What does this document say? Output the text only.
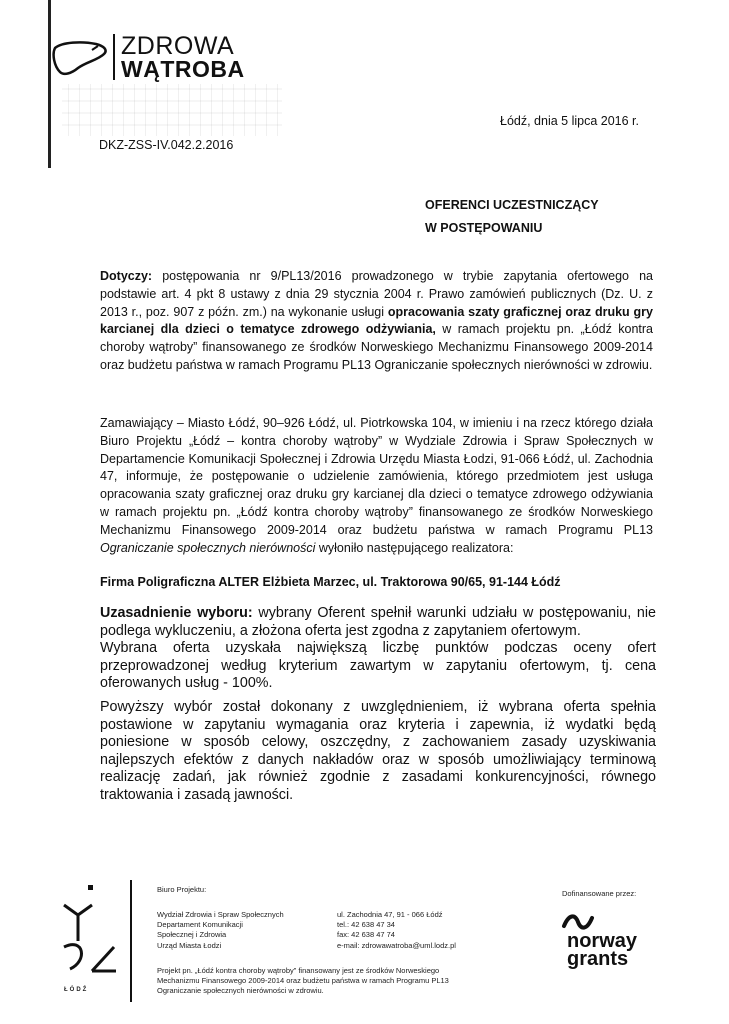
ZDROWA
WĄTROBA
DKZ-ZSS-IV.042.2.2016
Łódź, dnia 5 lipca 2016 r.
OFERENCI UCZESTNICZĄCY
W POSTĘPOWANIU

Dotyczy: postępowania nr 9/PL13/2016 prowadzonego w trybie zapytania ofertowego na podstawie art. 4 pkt 8 ustawy z dnia 29 stycznia 2004 r. Prawo zamówień publicznych (Dz. U. z 2013 r., poz. 907 z późn. zm.) na wykonanie usługi opracowania szaty graficznej oraz druku gry karcianej dla dzieci o tematyce zdrowego odżywiania, w ramach projektu pn. „Łódź kontra choroby wątroby” finansowanego ze środków Norweskiego Mechanizmu Finansowego 2009-2014 oraz budżetu państwa w ramach Programu PL13 Ograniczanie społecznych nierówności w zdrowiu.

Zamawiający – Miasto Łódź, 90–926 Łódź, ul. Piotrkowska 104, w imieniu i na rzecz którego działa Biuro Projektu „Łódź – kontra choroby wątroby” w Wydziale Zdrowia i Spraw Społecznych w Departamencie Komunikacji Społecznej i Zdrowia Urzędu Miasta Łodzi, 91-066 Łódź, ul. Zachodnia 47, informuje, że postępowanie o udzielenie zamówienia, którego przedmiotem jest usługa opracowania szaty graficznej oraz druku gry karcianej dla dzieci o tematyce zdrowego odżywiania w ramach projektu pn. „Łódź kontra choroby wątroby” finansowanego ze środków Norweskiego Mechanizmu Finansowego 2009-2014 oraz budżetu państwa w ramach Programu PL13 Ograniczanie społecznych nierówności wyłoniło następującego realizatora:

Firma Poligraficzna ALTER Elżbieta Marzec, ul. Traktorowa 90/65, 91-144 Łódź

Uzasadnienie wyboru: wybrany Oferent spełnił warunki udziału w postępowaniu, nie podlega wykluczeniu, a złożona oferta jest zgodna z zapytaniem ofertowym.

Wybrana oferta uzyskała największą liczbę punktów podczas oceny ofert przeprowadzonej według kryterium zawartym w zapytaniu ofertowym, tj. cena oferowanych usług - 100%.

Powyższy wybór został dokonany z uwzględnieniem, iż wybrana oferta spełnia postawione w zapytaniu wymagania oraz kryteria i zapewnia, iż wydatki będą poniesione w sposób celowy, oszczędny, z zachowaniem zasady uzyskiwania najlepszych efektów z danych nakładów oraz w sposób umożliwiający terminową realizację zadań, jak również zgodnie z zasadami konkurencyjności, równego traktowania i zasadą jawności.

ŁÓDŹ
Biuro Projektu:
Wydział Zdrowia i Spraw Społecznych
Departament Komunikacji
Społecznej i Zdrowia
Urząd Miasta Łodzi
ul. Zachodnia 47, 91 - 066 Łódź
tel.: 42 638 47 34
fax: 42 638 47 74
e-mail: zdrowawatroba@uml.lodz.pl
Projekt pn. „Łódź kontra choroby wątroby” finansowany jest ze środków Norweskiego
Mechanizmu Finansowego 2009-2014 oraz budżetu państwa w ramach Programu PL13
Ograniczanie społecznych nierówności w zdrowiu.
Dofinansowane przez:
norway
grants
